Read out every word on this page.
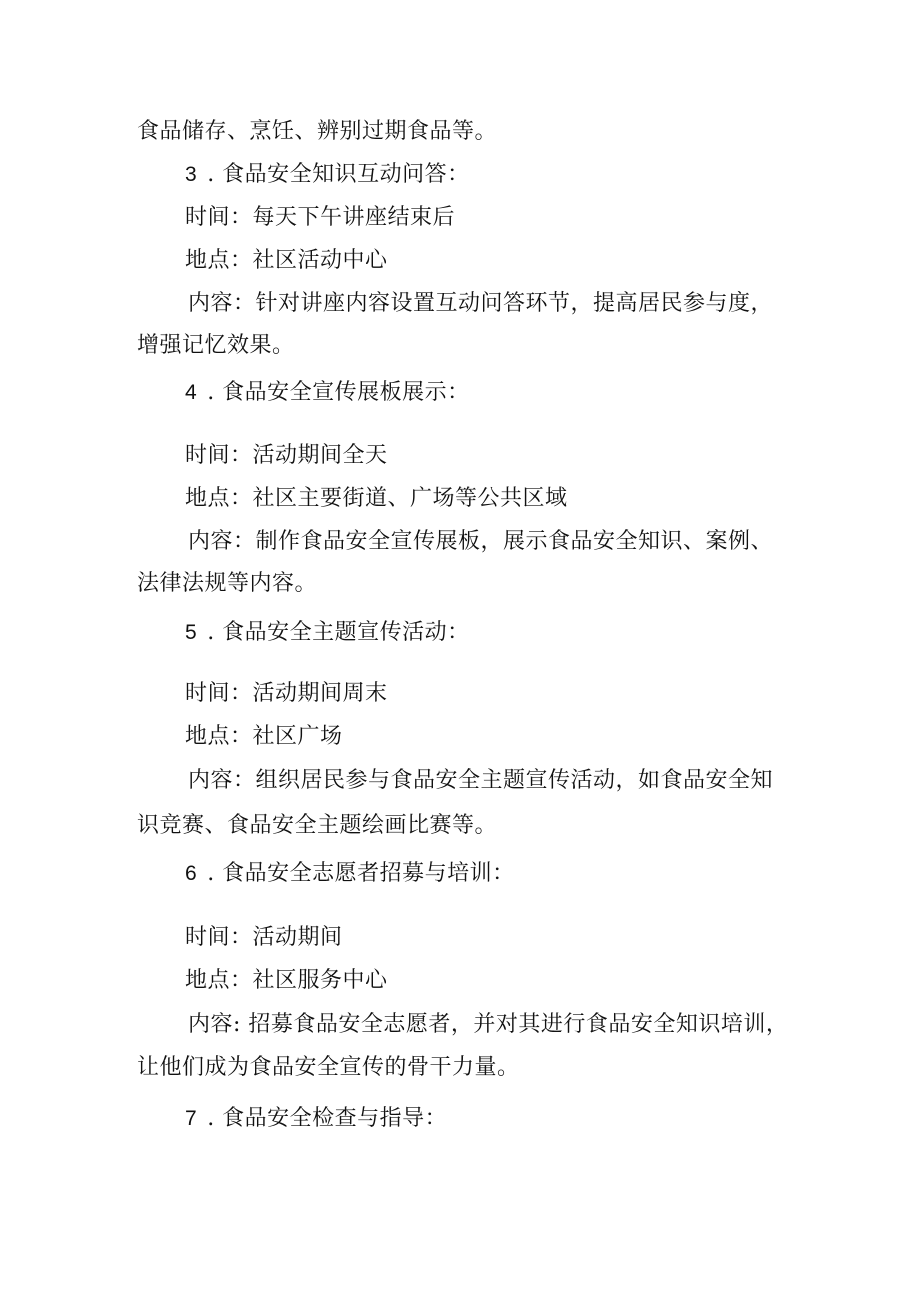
食品储存、烹饪、辨别过期食品等。
3 . 食品安全知识互动问答：
时间：每天下午讲座结束后
地点：社区活动中心
内容：针对讲座内容设置互动问答环节，提高居民参与度，
增强记忆效果。
4 . 食品安全宣传展板展示：
时间：活动期间全天
地点：社区主要街道、广场等公共区域
内容：制作食品安全宣传展板，展示食品安全知识、案例、
法律法规等内容。
5 . 食品安全主题宣传活动：
时间：活动期间周末
地点：社区广场
内容：组织居民参与食品安全主题宣传活动，如食品安全知
识竞赛、食品安全主题绘画比赛等。
6 . 食品安全志愿者招募与培训：
时间：活动期间
地点：社区服务中心
内容: 招募食品安全志愿者，并对其进行食品安全知识培训，
让他们成为食品安全宣传的骨干力量。
7 . 食品安全检查与指导：
